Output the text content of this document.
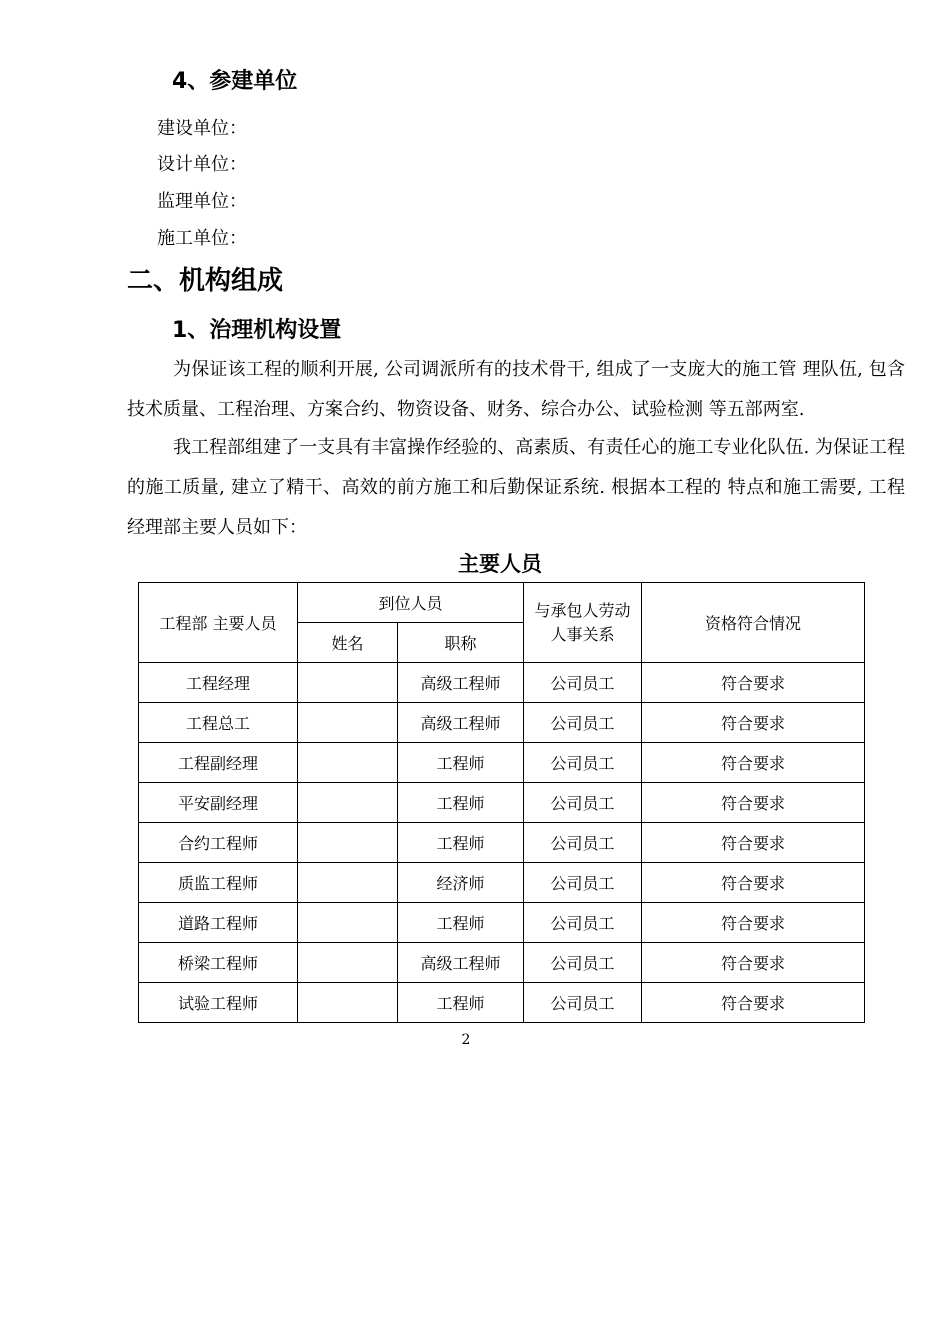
4、参建单位
建设单位：
设计单位：
监理单位：
施工单位：
二、机构组成
1、治理机构设置
为保证该工程的顺利开展, 公司调派所有的技术骨干, 组成了一支庞大的施工管 理队伍, 包含技术质量、工程治理、方案合约、物资设备、财务、综合办公、试验检测 等五部两室.
我工程部组建了一支具有丰富操作经验的、高素质、有责任心的施工专业化队伍. 为保证工程的施工质量, 建立了精干、高效的前方施工和后勤保证系统. 根据本工程的 特点和施工需要, 工程经理部主要人员如下：
主要人员
工程部 主要人员	到位人员		与承包人劳动人事关系	资格符合情况
	姓名	职称		
工程经理		高级工程师	公司员工	符合要求
工程总工		高级工程师	公司员工	符合要求
工程副经理		工程师	公司员工	符合要求
平安副经理		工程师	公司员工	符合要求
合约工程师		工程师	公司员工	符合要求
质监工程师		经济师	公司员工	符合要求
道路工程师		工程师	公司员工	符合要求
桥梁工程师		高级工程师	公司员工	符合要求
试验工程师		工程师	公司员工	符合要求
2
